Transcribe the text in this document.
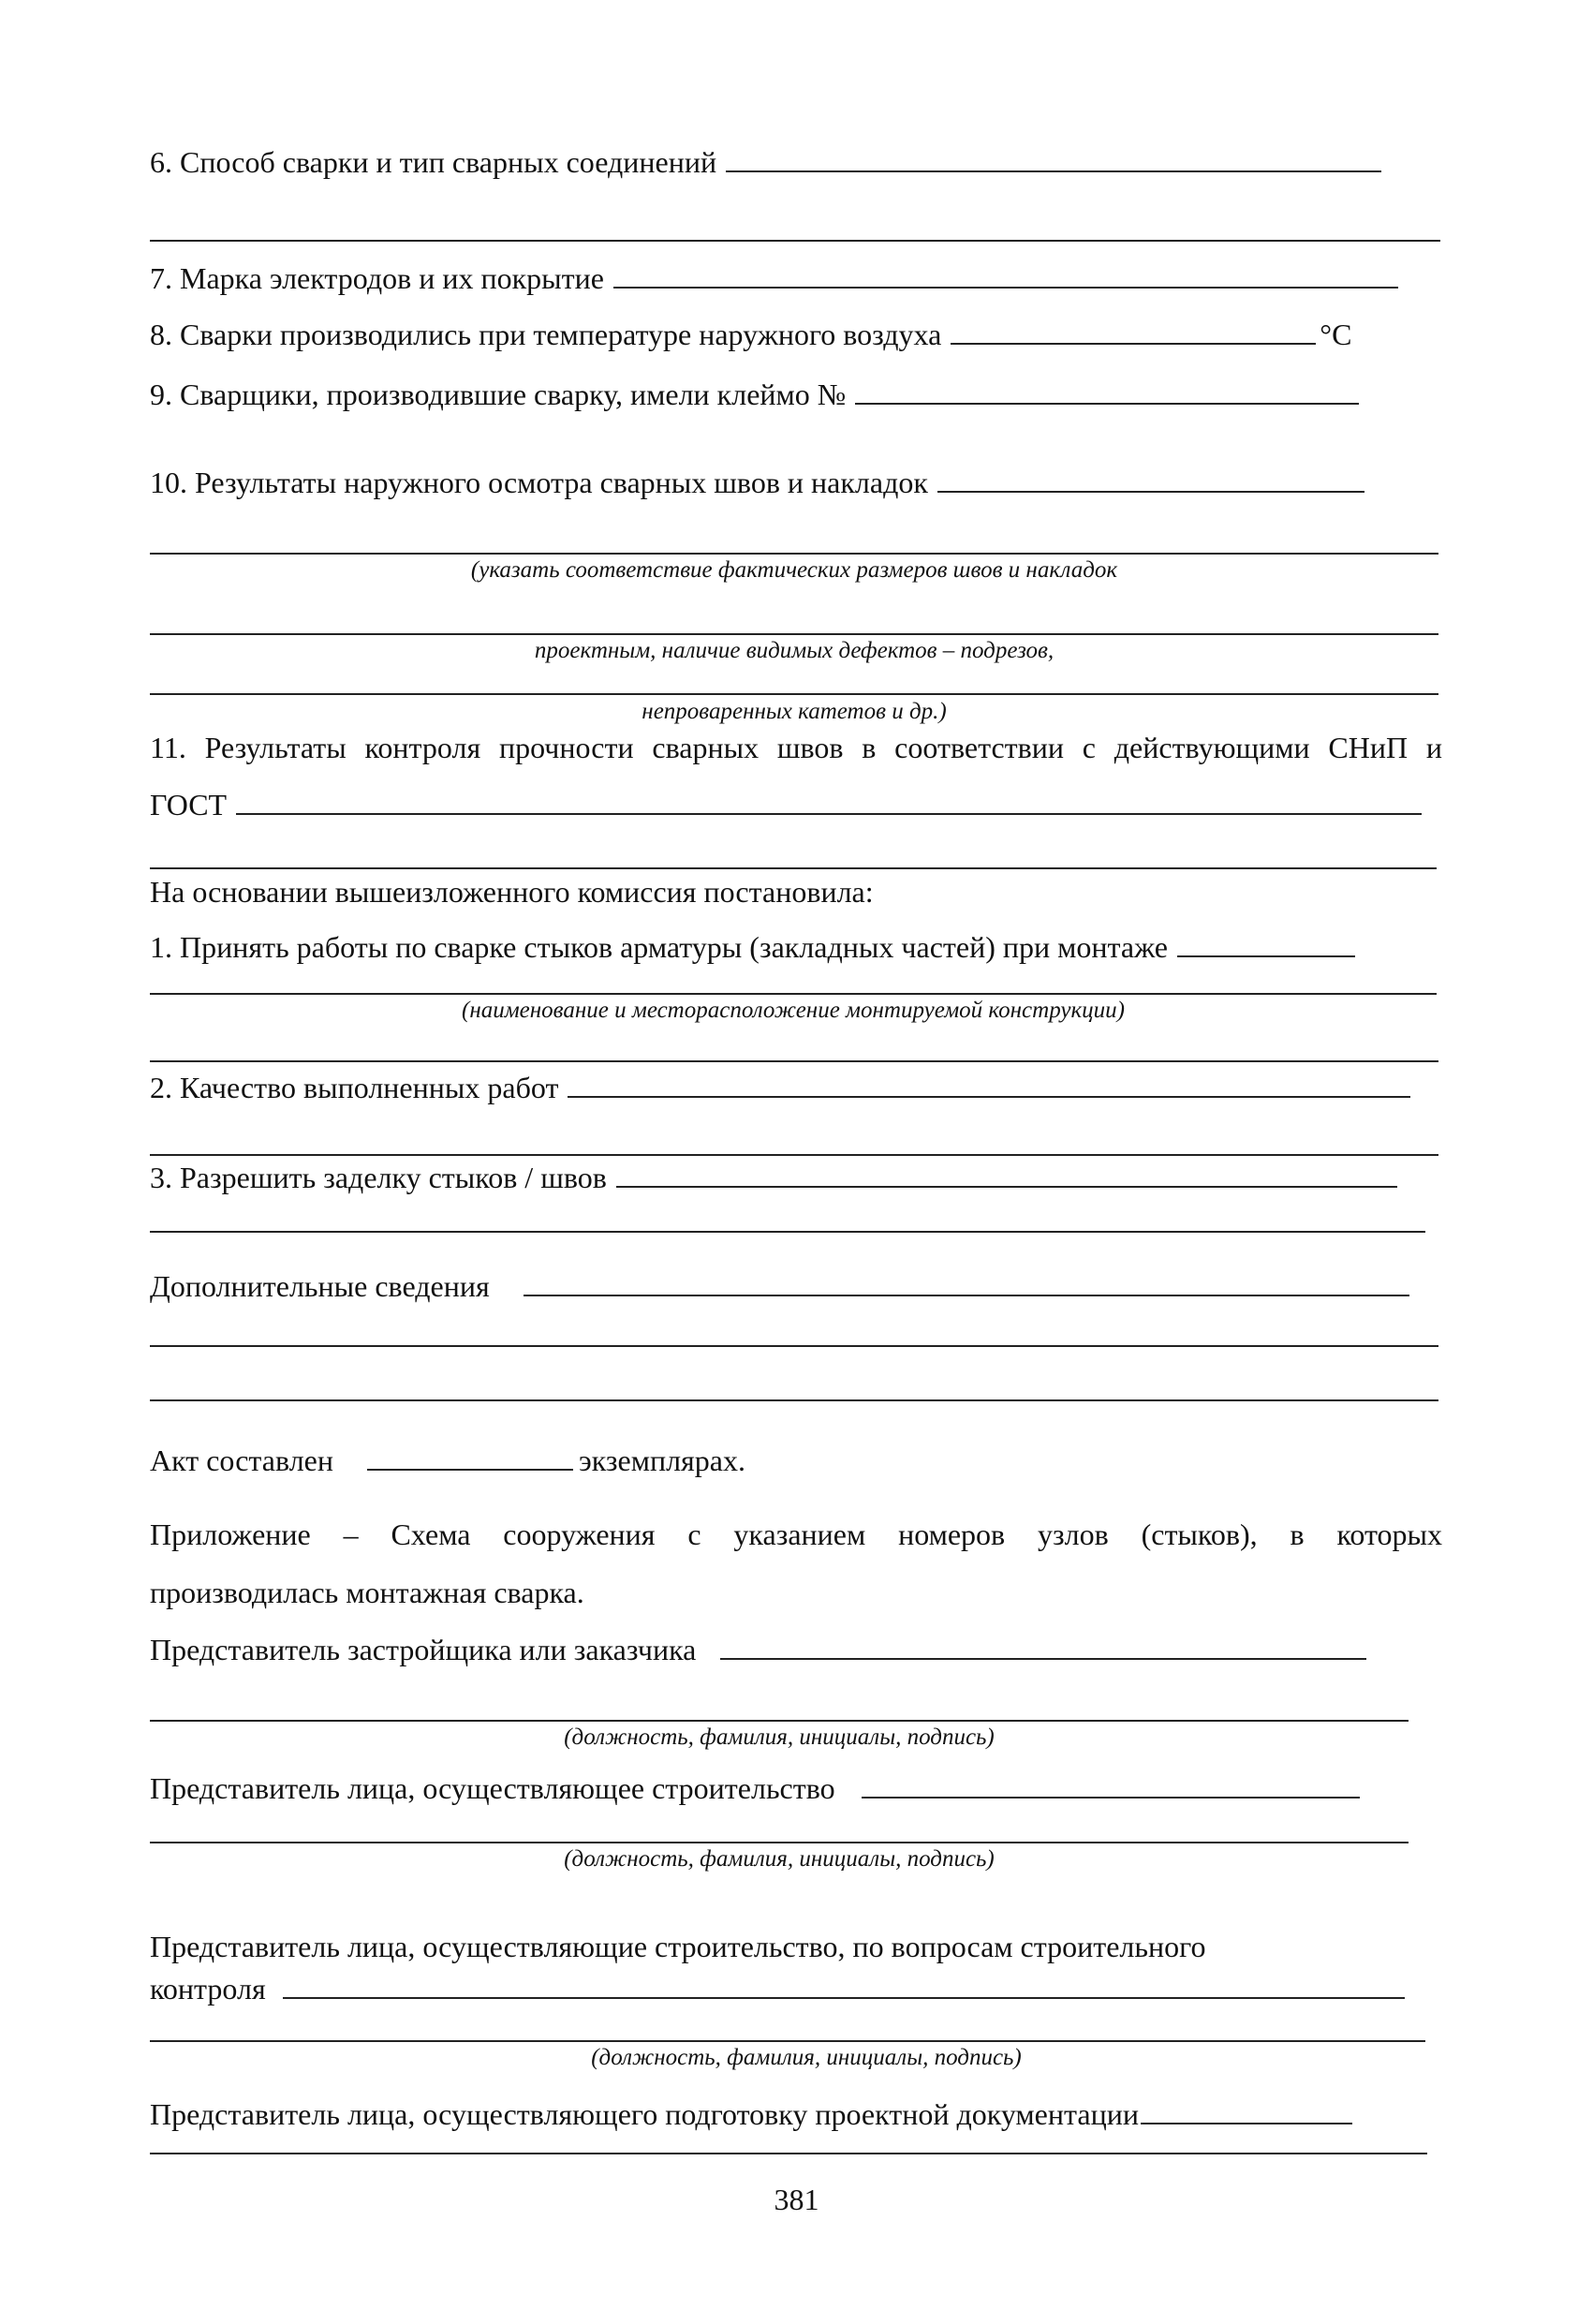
6. Способ сварки и тип сварных соединений
7. Марка электродов и их покрытие
8. Сварки производились при температуре наружного воздуха	°С
9. Сварщики, производившие сварку, имели клеймо №
10. Результаты наружного осмотра сварных швов и накладок
(указать соответствие фактических размеров швов и накладок
проектным, наличие видимых дефектов – подрезов,
непроваренных катетов и др.)
11. Результаты контроля прочности сварных швов в соответствии с действующими СНиП и
ГОСТ
На основании вышеизложенного комиссия постановила:
1. Принять работы по сварке стыков арматуры (закладных частей) при монтаже
(наименование и месторасположение монтируемой конструкции)
2. Качество выполненных работ
3. Разрешить заделку стыков / швов
Дополнительные сведения
Акт составлен	экземплярах.
Приложение – Схема сооружения с указанием номеров узлов (стыков), в которых
производилась монтажная сварка.
Представитель застройщика или заказчика
(должность, фамилия, инициалы, подпись)
Представитель лица, осуществляющее строительство
(должность, фамилия, инициалы, подпись)
Представитель лица, осуществляющие строительство, по вопросам строительного
контроля
(должность, фамилия, инициалы, подпись)
Представитель лица, осуществляющего подготовку проектной документации
381
